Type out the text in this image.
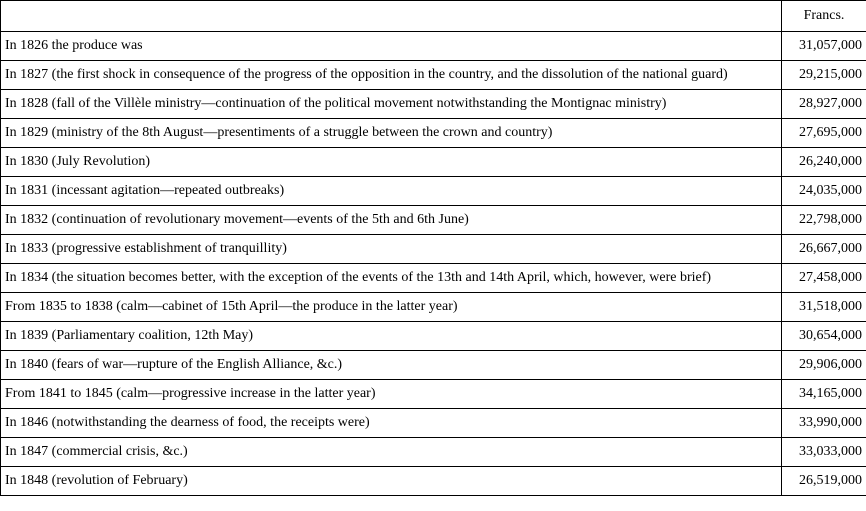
	Francs.
In 1826 the produce was	31,057,000
In 1827 (the first shock in consequence of the progress of the opposition in the country, and the dissolution of the national guard)	29,215,000
In 1828 (fall of the Villèle ministry—continuation of the political movement notwithstanding the Montignac ministry)	28,927,000
In 1829 (ministry of the 8th August—presentiments of a struggle between the crown and country)	27,695,000
In 1830 (July Revolution)	26,240,000
In 1831 (incessant agitation—repeated outbreaks)	24,035,000
In 1832 (continuation of revolutionary movement—events of the 5th and 6th June)	22,798,000
In 1833 (progressive establishment of tranquillity)	26,667,000
In 1834 (the situation becomes better, with the exception of the events of the 13th and 14th April, which, however, were brief)	27,458,000
From 1835 to 1838 (calm—cabinet of 15th April—the produce in the latter year)	31,518,000
In 1839 (Parliamentary coalition, 12th May)	30,654,000
In 1840 (fears of war—rupture of the English Alliance, &c.)	29,906,000
From 1841 to 1845 (calm—progressive increase in the latter year)	34,165,000
In 1846 (notwithstanding the dearness of food, the receipts were)	33,990,000
In 1847 (commercial crisis, &c.)	33,033,000
In 1848 (revolution of February)	26,519,000
